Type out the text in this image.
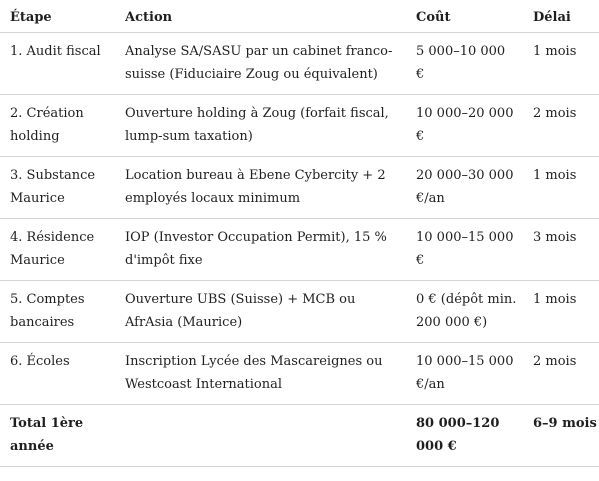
Étape	Action	Coût	Délai
1. Audit fiscal	Analyse SA/SASU par un cabinet franco-suisse (Fiduciaire Zoug ou équivalent)	5 000–10 000 €	1 mois
2. Création holding	Ouverture holding à Zoug (forfait fiscal, lump-sum taxation)	10 000–20 000 €	2 mois
3. Substance Maurice	Location bureau à Ebene Cybercity + 2 employés locaux minimum	20 000–30 000 €/an	1 mois
4. Résidence Maurice	IOP (Investor Occupation Permit), 15 % d'impôt fixe	10 000–15 000 €	3 mois
5. Comptes bancaires	Ouverture UBS (Suisse) + MCB ou AfrAsia (Maurice)	0 € (dépôt min. 200 000 €)	1 mois
6. Écoles	Inscription Lycée des Mascareignes ou Westcoast International	10 000–15 000 €/an	2 mois
Total 1ère année		80 000–120 000 €	6–9 mois
